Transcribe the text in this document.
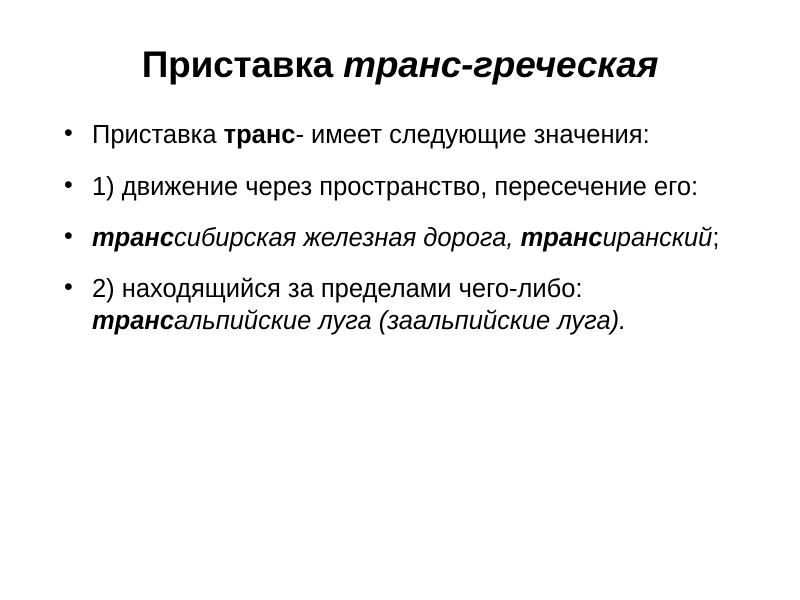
Приставка транс-греческая
• Приставка транс- имеет следующие значения:
• 1) движение через пространство, пересечение его:
• транссибирская железная дорога, трансиранский;
• 2) находящийся за пределами чего-либо: трансальпийские луга (заальпийские луга).
